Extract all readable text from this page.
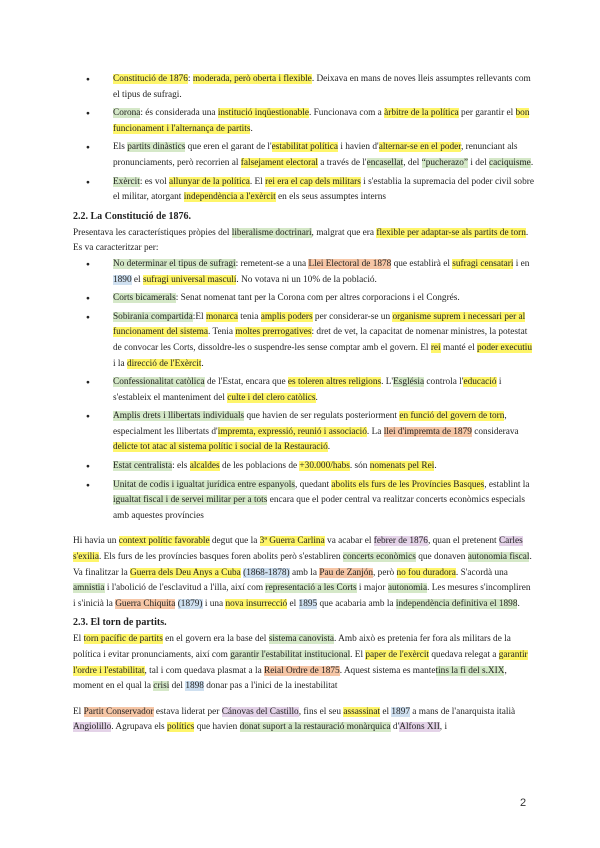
● Constitució de 1876: moderada, però oberta i flexible. Deixava en mans de noves lleis assumptes rellevants com el tipus de sufragi.
● Corona: és considerada una institució inqüestionable. Funcionava com a àrbitre de la política per garantir el bon funcionament i l'alternança de partits.
● Els partits dinàstics que eren el garant de l'estabilitat política i havien d'alternar-se en el poder, renunciant als pronunciaments, però recorrien al falsejament electoral a través de l'encasellat, del “pucherazo” i del caciquisme.
● Exèrcit: es vol allunyar de la política. El rei era el cap dels militars i s'establia la supremacia del poder civil sobre el militar, atorgant independència a l'exèrcit en els seus assumptes interns
2.2. La Constitució de 1876.

Presentava les característiques pròpies del liberalisme doctrinari, malgrat que era flexible per adaptar-se als partits de torn. Es va caracteritzar per:

● No determinar el tipus de sufragi: remetent-se a una Llei Electoral de 1878 que establirà el sufragi censatari i en 1890 el sufragi universal masculí. No votava ni un 10% de la població.
● Corts bicamerals: Senat nomenat tant per la Corona com per altres corporacions i el Congrés.
● Sobirania compartida:El monarca tenia amplis poders per considerar-se un organisme suprem i necessari per al funcionament del sistema. Tenia moltes prerrogatives: dret de vet, la capacitat de nomenar ministres, la potestat de convocar les Corts, dissoldre-les o suspendre-les sense comptar amb el govern. El rei manté el poder executiu i la direcció de l'Exèrcit.
● Confessionalitat catòlica de l'Estat, encara que es toleren altres religions. L'Església controla l'educació i s'estableix el manteniment del culte i del clero catòlics.
● Amplis drets i llibertats individuals que havien de ser regulats posteriorment en funció del govern de torn, especialment les llibertats d'impremta, expressió, reunió i associació. La llei d'impremta de 1879 considerava delicte tot atac al sistema polític i social de la Restauració.
● Estat centralista: els alcaldes de les poblacions de +30.000/habs. són nomenats pel Rei.
● Unitat de codis i igualtat jurídica entre espanyols, quedant abolits els furs de les Províncies Basques, establint la igualtat fiscal i de servei militar per a tots encara que el poder central va realitzar concerts econòmics especials amb aquestes províncies

Hi havia un context polític favorable degut que la 3ª Guerra Carlina va acabar el febrer de 1876, quan el pretenent Carles s'exilia. Els furs de les províncies basques foren abolits però s'establiren concerts econòmics que donaven autonomia fiscal. Va finalitzar la Guerra dels Deu Anys a Cuba (1868-1878) amb la Pau de Zanjón, però no fou duradora. S'acordà una amnistia i l'abolició de l'esclavitud a l'illa, així com representació a les Corts i major autonomia. Les mesures s'incompliren i s'inicià la Guerra Chiquita (1879) i una nova insurrecció el 1895 que acabaria amb la independència definitiva el 1898.

2.3. El torn de partits.

El torn pacífic de partits en el govern era la base del sistema canovista. Amb això es pretenia fer fora als militars de la política i evitar pronunciaments, així com garantir l'estabilitat institucional. El paper de l'exèrcit quedava relegat a garantir l'ordre i l'estabilitat, tal i com quedava plasmat a la Reial Ordre de 1875. Aquest sistema es mantetins la fi del s.XIX, moment en el qual la crisi del 1898 donar pas a l'inici de la inestabilitat

El Partit Conservador estava liderat per Cánovas del Castillo, fins el seu assassinat el 1897 a mans de l'anarquista italià Angiolillo. Agrupava els polítics que havien donat suport a la restauració monàrquica d'Alfons XII, i

2
